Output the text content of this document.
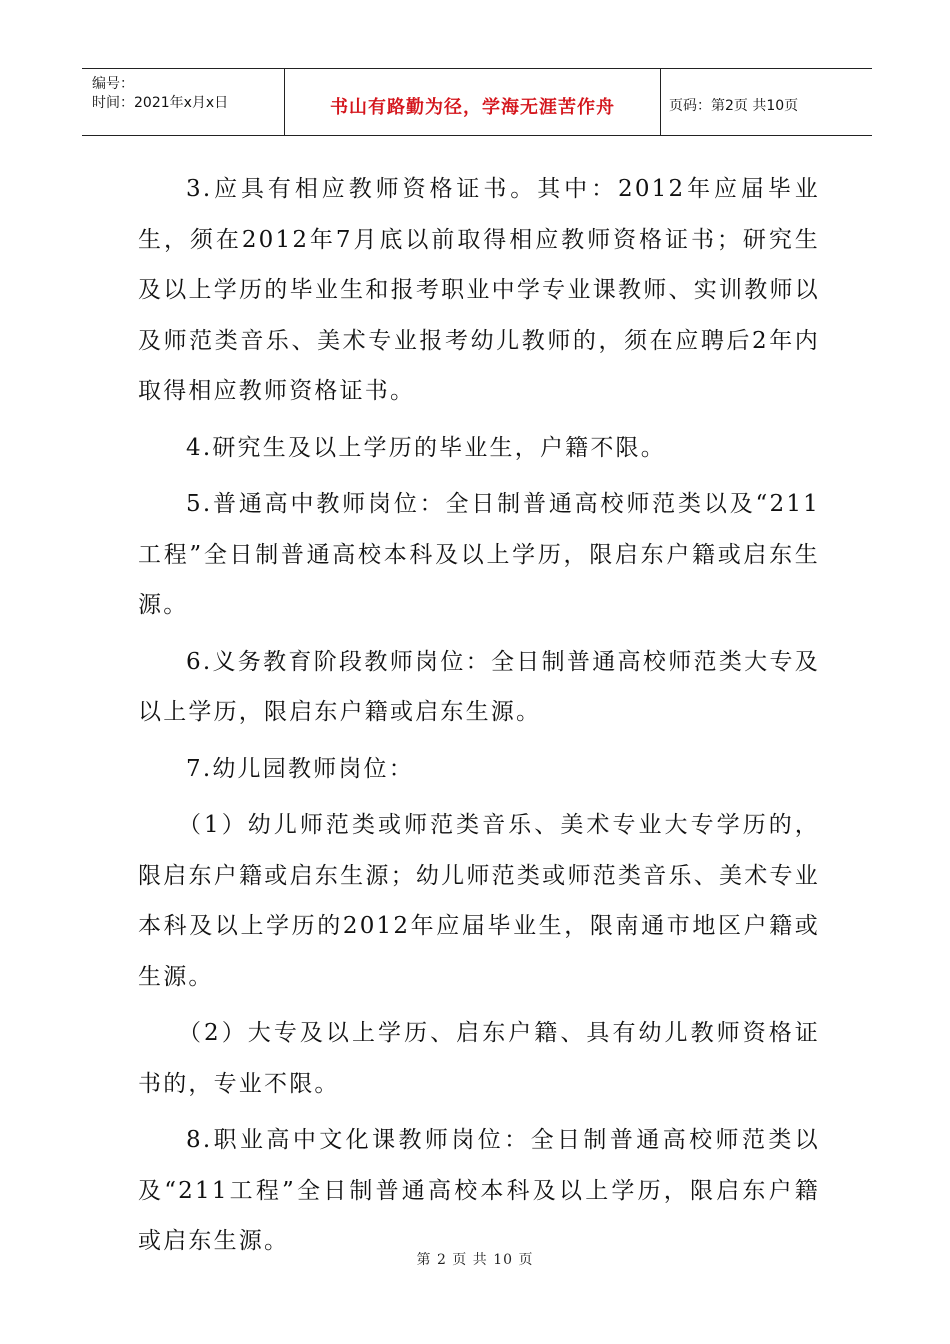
编号：
时间：2021年x月x日	书山有路勤为径，学海无涯苦作舟	页码：第2页 共10页

3.应具有相应教师资格证书。其中：2012年应届毕业生，须在2012年7月底以前取得相应教师资格证书；研究生及以上学历的毕业生和报考职业中学专业课教师、实训教师以及师范类音乐、美术专业报考幼儿教师的，须在应聘后2年内取得相应教师资格证书。

4.研究生及以上学历的毕业生，户籍不限。

5.普通高中教师岗位：全日制普通高校师范类以及“211工程”全日制普通高校本科及以上学历，限启东户籍或启东生源。

6.义务教育阶段教师岗位：全日制普通高校师范类大专及以上学历，限启东户籍或启东生源。

7.幼儿园教师岗位：

（1）幼儿师范类或师范类音乐、美术专业大专学历的，限启东户籍或启东生源；幼儿师范类或师范类音乐、美术专业本科及以上学历的2012年应届毕业生，限南通市地区户籍或生源。

（2）大专及以上学历、启东户籍、具有幼儿教师资格证书的，专业不限。

8.职业高中文化课教师岗位：全日制普通高校师范类以及“211工程”全日制普通高校本科及以上学历，限启东户籍或启东生源。

第 2 页 共 10 页
